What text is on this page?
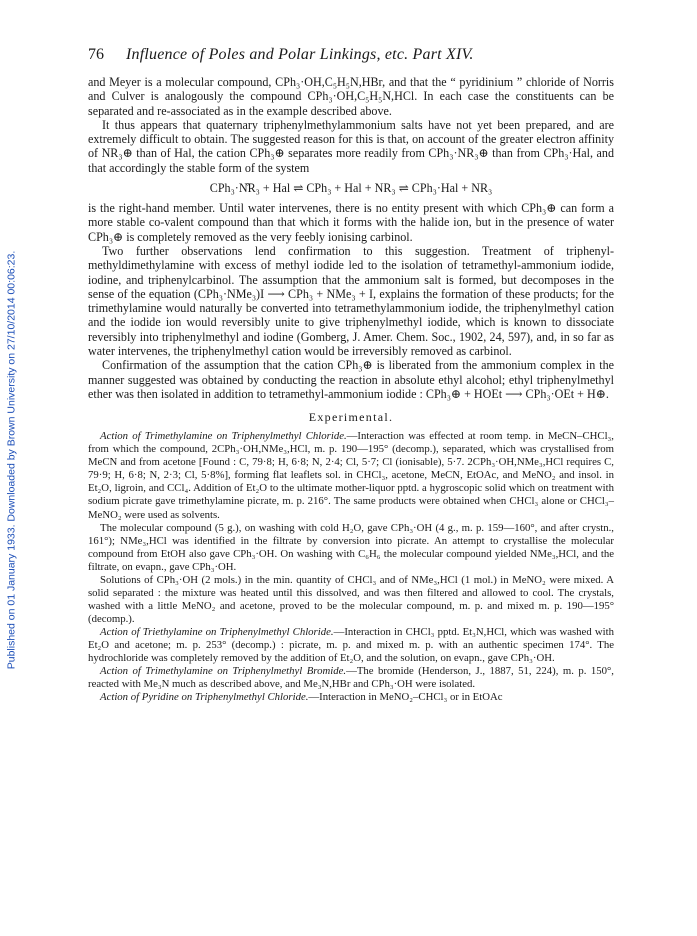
Published on 01 January 1933. Downloaded by Brown University on 27/10/2014 00:06:23.
76 Influence of Poles and Polar Linkings, etc. Part XIV.

and Meyer is a molecular compound, CPh₃·OH,C₅H₅N,HBr, and that the “ pyridinium ” chloride of Norris and Culver is analogously the compound CPh₃·OH,C₅H₅N,HCl. In each case the constituents can be separated and re-associated as in the example described above.

It thus appears that quaternary triphenylmethylammonium salts have not yet been prepared, and are extremely difficult to obtain. The suggested reason for this is that, on account of the greater electron affinity of NR₃⊕ than of Hal, the cation CPh₃⊕ separates more readily from CPh₃·NR₃⊕ than from CPh₃·Hal, and that accordingly the stable form of the system

CPh₃·N̊R₃ + Hal ⇌ CPh₃ + Hal + NR₃ ⇌ CPh₃·Hal + NR₃

is the right-hand member. Until water intervenes, there is no entity present with which CPh₃⊕ can form a more stable co-valent compound than that which it forms with the halide ion, but in the presence of water CPh₃⊕ is completely removed as the very feebly ionising carbinol.

Two further observations lend confirmation to this suggestion. Treatment of triphenyl-methyldimethylamine with excess of methyl iodide led to the isolation of tetramethyl-ammonium iodide, iodine, and triphenylcarbinol. The assumption that the ammonium salt is formed, but decomposes in the sense of the equation (CPh₃·NMe₃)I ⟶ CPh₃ + NMe₃ + I, explains the formation of these products; for the trimethylamine would naturally be converted into tetramethylammonium iodide, the triphenylmethyl cation and the iodide ion would reversibly unite to give triphenylmethyl iodide, which is known to dissociate reversibly into triphenylmethyl and iodine (Gomberg, J. Amer. Chem. Soc., 1902, 24, 597), and, in so far as water intervenes, the triphenylmethyl cation would be irreversibly removed as carbinol.

Confirmation of the assumption that the cation CPh₃⊕ is liberated from the ammonium complex in the manner suggested was obtained by conducting the reaction in absolute ethyl alcohol; ethyl triphenylmethyl ether was then isolated in addition to tetramethyl-ammonium iodide : CPh₃⊕ + HOEt ⟶ CPh₃·OEt + H⊕.

Experimental.

Action of Trimethylamine on Triphenylmethyl Chloride.—Interaction was effected at room temp. in MeCN–CHCl₃, from which the compound, 2CPh₃·OH,NMe₃,HCl, m. p. 190—195° (decomp.), separated, which was crystallised from MeCN and from acetone [Found : C, 79·8; H, 6·8; N, 2·4; Cl, 5·7; Cl (ionisable), 5·7. 2CPh₃·OH,NMe₃,HCl requires C, 79·9; H, 6·8; N, 2·3; Cl, 5·8%], forming flat leaflets sol. in CHCl₃, acetone, MeCN, EtOAc, and MeNO₂ and insol. in Et₂O, ligroin, and CCl₄. Addition of Et₂O to the ultimate mother-liquor pptd. a hygroscopic solid which on treatment with sodium picrate gave trimethylamine picrate, m. p. 216°. The same products were obtained when CHCl₃ alone or CHCl₃–MeNO₂ were used as solvents.

The molecular compound (5 g.), on washing with cold H₂O, gave CPh₃·OH (4 g., m. p. 159—160°, and after crystn., 161°); NMe₃,HCl was identified in the filtrate by conversion into picrate. An attempt to crystallise the molecular compound from EtOH also gave CPh₃·OH. On washing with C₆H₆ the molecular compound yielded NMe₃,HCl, and the filtrate, on evapn., gave CPh₃·OH.

Solutions of CPh₃·OH (2 mols.) in the min. quantity of CHCl₃ and of NMe₃,HCl (1 mol.) in MeNO₂ were mixed. A solid separated : the mixture was heated until this dissolved, and was then filtered and allowed to cool. The crystals, washed with a little MeNO₂ and acetone, proved to be the molecular compound, m. p. and mixed m. p. 190—195° (decomp.).

Action of Triethylamine on Triphenylmethyl Chloride.—Interaction in CHCl₃ pptd. Et₃N,HCl, which was washed with Et₂O and acetone; m. p. 253° (decomp.) : picrate, m. p. and mixed m. p. with an authentic specimen 174°. The hydrochloride was completely removed by the addition of Et₂O, and the solution, on evapn., gave CPh₃·OH.

Action of Trimethylamine on Triphenylmethyl Bromide.—The bromide (Henderson, J., 1887, 51, 224), m. p. 150°, reacted with Me₃N much as described above, and Me₃N,HBr and CPh₃·OH were isolated.

Action of Pyridine on Triphenylmethyl Chloride.—Interaction in MeNO₂–CHCl₃ or in EtOAc
